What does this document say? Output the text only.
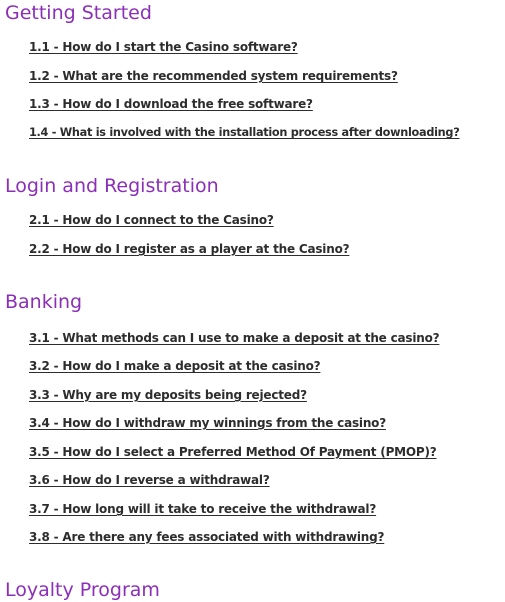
Getting Started
1.1 - How do I start the Casino software?
1.2 - What are the recommended system requirements?
1.3 - How do I download the free software?
1.4 - What is involved with the installation process after downloading?
Login and Registration
2.1 - How do I connect to the Casino?
2.2 - How do I register as a player at the Casino?
Banking
3.1 - What methods can I use to make a deposit at the casino?
3.2 - How do I make a deposit at the casino?
3.3 - Why are my deposits being rejected?
3.4 - How do I withdraw my winnings from the casino?
3.5 - How do I select a Preferred Method Of Payment (PMOP)?
3.6 - How do I reverse a withdrawal?
3.7 - How long will it take to receive the withdrawal?
3.8 - Are there any fees associated with withdrawing?
Loyalty Program
